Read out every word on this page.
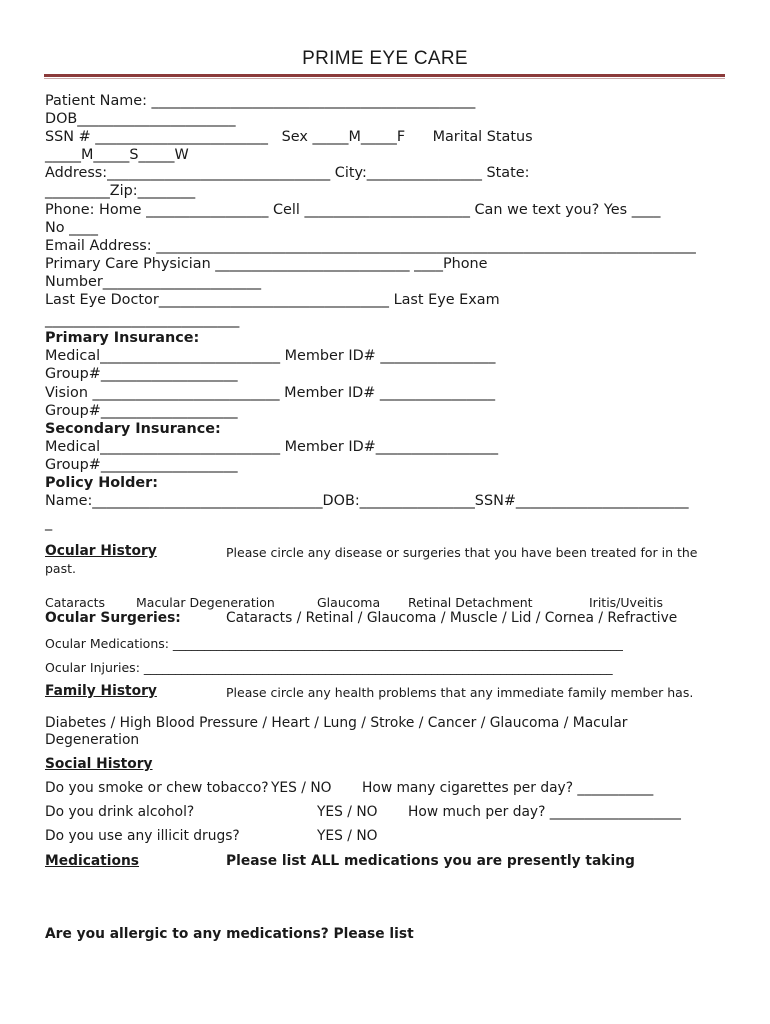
PRIME EYE CARE
Patient Name: _____________________________________________
DOB______________________
SSN # ________________________   Sex _____M_____F      Marital Status
_____M_____S_____W
Address:_______________________________ City:________________ State:
_________Zip:________
Phone: Home _________________ Cell _______________________ Can we text you? Yes ____
No ____
Email Address: ___________________________________________________________________________
Primary Care Physician ___________________________ ____Phone
Number______________________
Last Eye Doctor________________________________ Last Eye Exam
___________________________
Primary Insurance:
Medical_________________________ Member ID# ________________
Group#___________________
Vision __________________________ Member ID# ________________
Group#___________________
Secondary Insurance:
Medical_________________________ Member ID#_________________
Group#___________________
Policy Holder:
Name:________________________________DOB:________________SSN#________________________
_
Ocular History	Please circle any disease or surgeries that you have been treated for in the
past.
Cataracts Macular Degeneration	Glaucoma Retinal Detachment	Iritis/Uveitis
Ocular Surgeries:	Cataracts / Retinal / Glaucoma / Muscle / Lid / Cornea / Refractive
Ocular Medications: ________________________________________________________________________
Ocular Injuries: ___________________________________________________________________________
Family History	Please circle any health problems that any immediate family member has.
Diabetes / High Blood Pressure / Heart / Lung / Stroke / Cancer / Glaucoma / Macular
Degeneration
Social History
Do you smoke or chew tobacco? YES / NO How many cigarettes per day? ___________
Do you drink alcohol?	YES / NO How much per day? ___________________
Do you use any illicit drugs?	YES / NO
Medications	Please list ALL medications you are presently taking
Are you allergic to any medications? Please list
